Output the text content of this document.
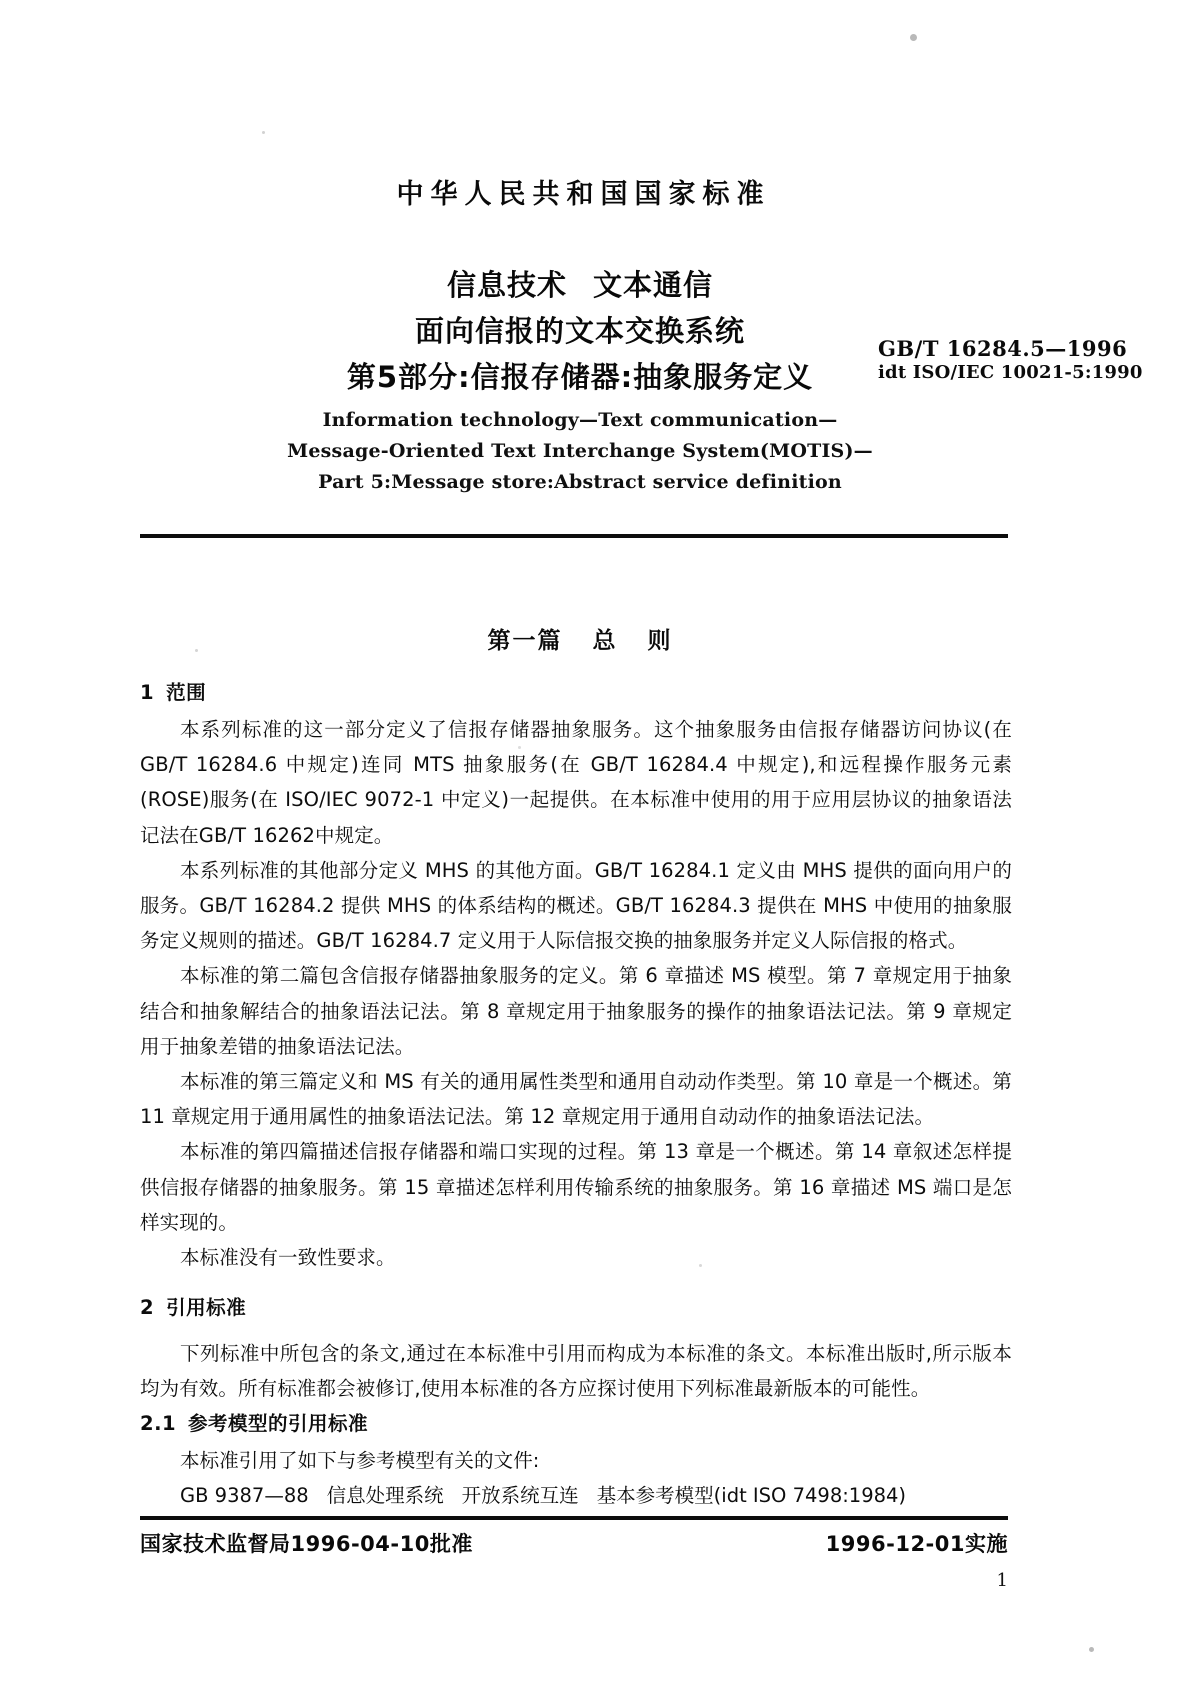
中华人民共和国国家标准
信息技术 文本通信
面向信报的文本交换系统
第5部分:信报存储器:抽象服务定义
GB/T 16284.5—1996
idt ISO/IEC 10021-5:1990
Information technology—Text communication—
Message-Oriented Text Interchange System(MOTIS)—
Part 5:Message store:Abstract service definition
第一篇 总 则
1 范围

本系列标准的这一部分定义了信报存储器抽象服务。这个抽象服务由信报存储器访问协议(在GB/T 16284.6 中规定)连同 MTS 抽象服务(在 GB/T 16284.4 中规定),和远程操作服务元素(ROSE)服务(在 ISO/IEC 9072-1 中定义)一起提供。在本标准中使用的用于应用层协议的抽象语法记法在GB/T 16262中规定。

本系列标准的其他部分定义 MHS 的其他方面。GB/T 16284.1 定义由 MHS 提供的面向用户的服务。GB/T 16284.2 提供 MHS 的体系结构的概述。GB/T 16284.3 提供在 MHS 中使用的抽象服务定义规则的描述。GB/T 16284.7 定义用于人际信报交换的抽象服务并定义人际信报的格式。

本标准的第二篇包含信报存储器抽象服务的定义。第 6 章描述 MS 模型。第 7 章规定用于抽象结合和抽象解结合的抽象语法记法。第 8 章规定用于抽象服务的操作的抽象语法记法。第 9 章规定用于抽象差错的抽象语法记法。

本标准的第三篇定义和 MS 有关的通用属性类型和通用自动动作类型。第 10 章是一个概述。第 11 章规定用于通用属性的抽象语法记法。第 12 章规定用于通用自动动作的抽象语法记法。

本标准的第四篇描述信报存储器和端口实现的过程。第 13 章是一个概述。第 14 章叙述怎样提供信报存储器的抽象服务。第 15 章描述怎样利用传输系统的抽象服务。第 16 章描述 MS 端口是怎样实现的。

本标准没有一致性要求。

2 引用标准

下列标准中所包含的条文,通过在本标准中引用而构成为本标准的条文。本标准出版时,所示版本均为有效。所有标准都会被修订,使用本标准的各方应探讨使用下列标准最新版本的可能性。

2.1 参考模型的引用标准

本标准引用了如下与参考模型有关的文件:

GB 9387—88 信息处理系统 开放系统互连 基本参考模型(idt ISO 7498:1984)

国家技术监督局1996-04-10批准	1996-12-01实施
1
